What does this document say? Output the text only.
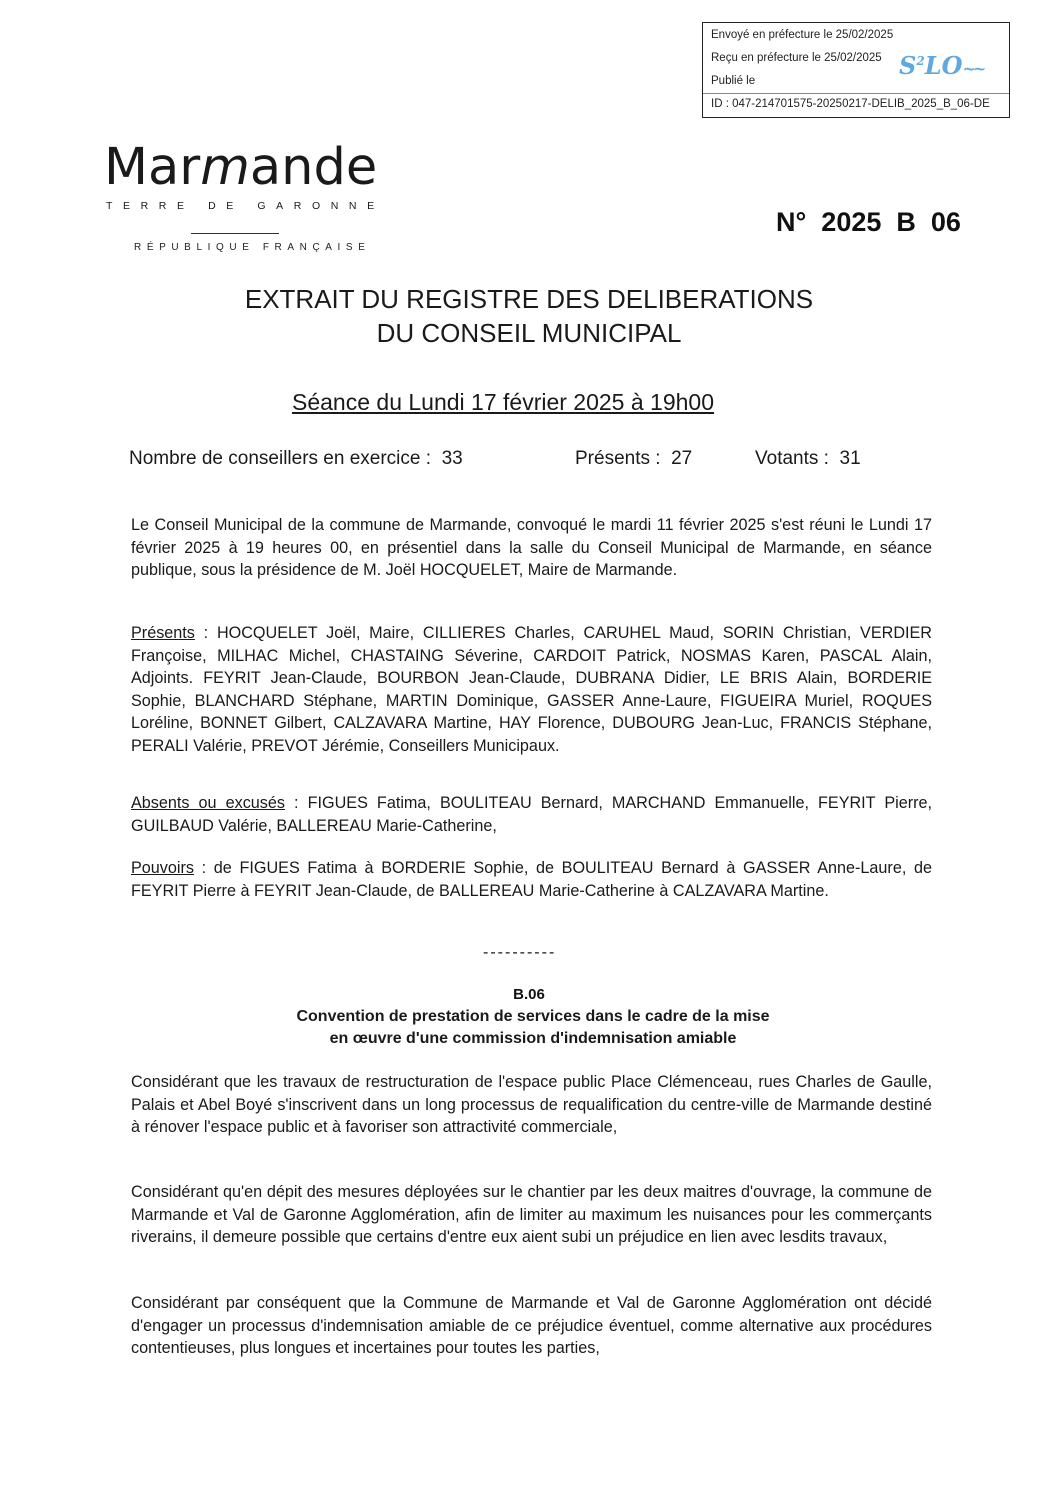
Envoyé en préfecture le 25/02/2025
Reçu en préfecture le 25/02/2025
Publié le
ID : 047-214701575-20250217-DELIB_2025_B_06-DE
$S^2LO\sim\sim$
Marmande
TERRE DE GARONNE
RÉPUBLIQUE FRANÇAISE
N°  2025  B  06
EXTRAIT DU REGISTRE DES DELIBERATIONS
DU CONSEIL MUNICIPAL
Séance du Lundi 17 février 2025 à 19h00
Nombre de conseillers en exercice :  33	Présents :  27	Votants :  31
Le Conseil Municipal de la commune de Marmande, convoqué le mardi 11 février 2025 s'est réuni le Lundi 17 février 2025 à 19 heures 00, en présentiel dans la salle du Conseil Municipal de Marmande, en séance publique, sous la présidence de M. Joël HOCQUELET, Maire de Marmande.
Présents : HOCQUELET Joël, Maire, CILLIERES Charles, CARUHEL Maud, SORIN Christian, VERDIER Françoise, MILHAC Michel, CHASTAING Séverine, CARDOIT Patrick, NOSMAS Karen, PASCAL Alain, Adjoints. FEYRIT Jean-Claude, BOURBON Jean-Claude, DUBRANA Didier, LE BRIS Alain, BORDERIE Sophie, BLANCHARD Stéphane, MARTIN Dominique, GASSER Anne-Laure, FIGUEIRA Muriel, ROQUES Loréline, BONNET Gilbert, CALZAVARA Martine, HAY Florence, DUBOURG Jean-Luc, FRANCIS Stéphane, PERALI Valérie, PREVOT Jérémie, Conseillers Municipaux.
Absents ou excusés : FIGUES Fatima, BOULITEAU Bernard, MARCHAND Emmanuelle, FEYRIT Pierre, GUILBAUD Valérie, BALLEREAU Marie-Catherine,
Pouvoirs : de FIGUES Fatima à BORDERIE Sophie, de BOULITEAU Bernard à GASSER Anne-Laure, de FEYRIT Pierre à FEYRIT Jean-Claude, de BALLEREAU Marie-Catherine à CALZAVARA Martine.
----------
B.06
Convention de prestation de services dans le cadre de la mise
en œuvre d'une commission d'indemnisation amiable
Considérant que les travaux de restructuration de l'espace public Place Clémenceau, rues Charles de Gaulle, Palais et Abel Boyé s'inscrivent dans un long processus de requalification du centre-ville de Marmande destiné à rénover l'espace public et à favoriser son attractivité commerciale,
Considérant qu'en dépit des mesures déployées sur le chantier par les deux maitres d'ouvrage, la commune de Marmande et Val de Garonne Agglomération, afin de limiter au maximum les nuisances pour les commerçants riverains, il demeure possible que certains d'entre eux aient subi un préjudice en lien avec lesdits travaux,
Considérant par conséquent que la Commune de Marmande et Val de Garonne Agglomération ont décidé d'engager un processus d'indemnisation amiable de ce préjudice éventuel, comme alternative aux procédures contentieuses, plus longues et incertaines pour toutes les parties,
